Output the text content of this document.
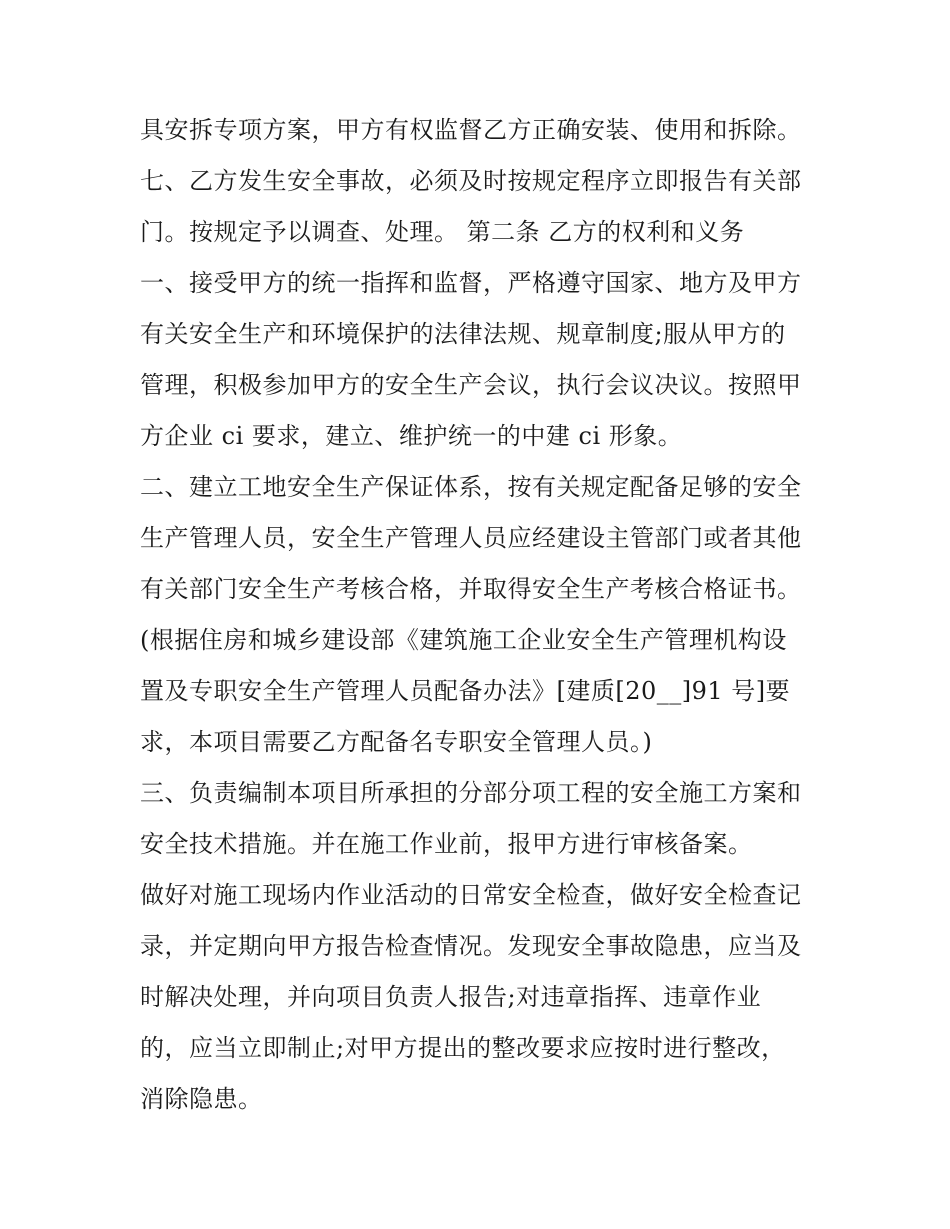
具安拆专项方案，甲方有权监督乙方正确安装、使用和拆除。
七、乙方发生安全事故，必须及时按规定程序立即报告有关部
门。按规定予以调查、处理。 第二条 乙方的权利和义务
一、接受甲方的统一指挥和监督，严格遵守国家、地方及甲方
有关安全生产和环境保护的法律法规、规章制度;服从甲方的
管理，积极参加甲方的安全生产会议，执行会议决议。按照甲
方企业 ci 要求，建立、维护统一的中建 ci 形象。
二、建立工地安全生产保证体系，按有关规定配备足够的安全
生产管理人员，安全生产管理人员应经建设主管部门或者其他
有关部门安全生产考核合格，并取得安全生产考核合格证书。
(根据住房和城乡建设部《建筑施工企业安全生产管理机构设
置及专职安全生产管理人员配备办法》[建质[20__]91 号]要
求，本项目需要乙方配备名专职安全管理人员。)
三、负责编制本项目所承担的分部分项工程的安全施工方案和
安全技术措施。并在施工作业前，报甲方进行审核备案。
做好对施工现场内作业活动的日常安全检查，做好安全检查记
录，并定期向甲方报告检查情况。发现安全事故隐患，应当及
时解决处理，并向项目负责人报告;对违章指挥、违章作业
的，应当立即制止;对甲方提出的整改要求应按时进行整改，
消除隐患。
